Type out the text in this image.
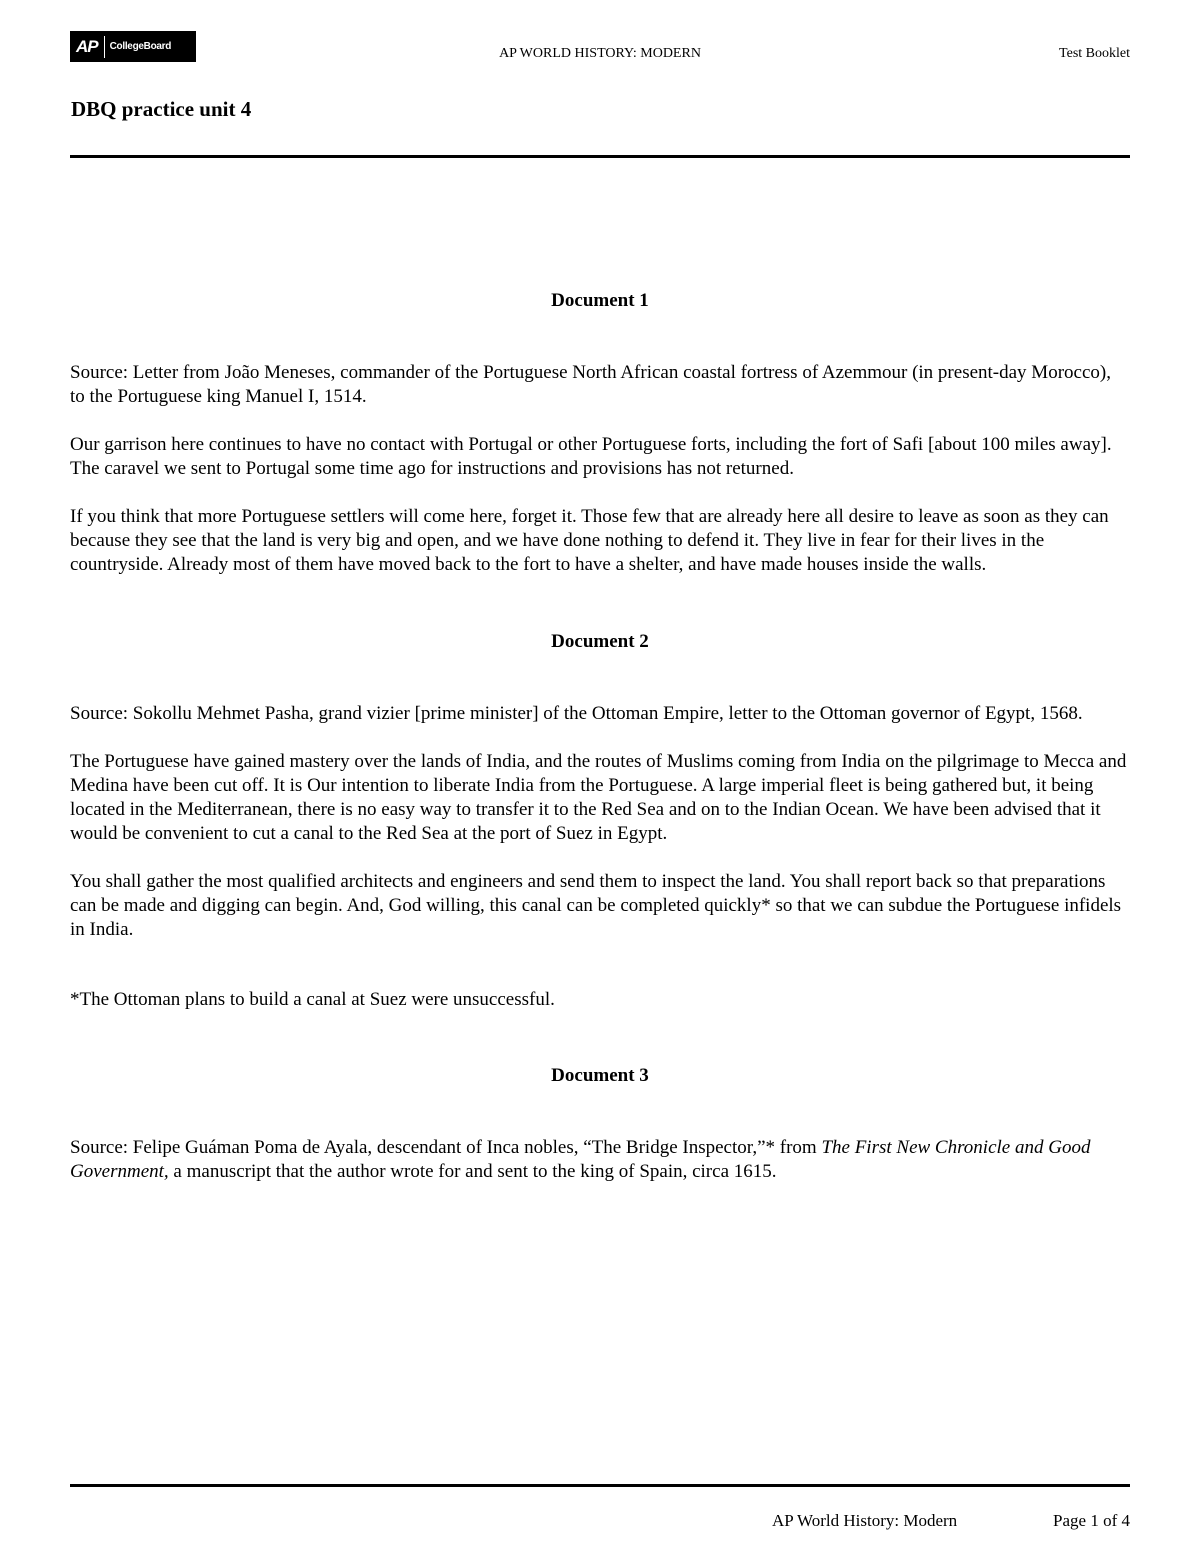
AP	CollegeBoard	AP WORLD HISTORY: MODERN	Test Booklet
DBQ practice unit 4

Document 1

Source: Letter from João Meneses, commander of the Portuguese North African coastal fortress of Azemmour (in present-day Morocco), to the Portuguese king Manuel I, 1514.

Our garrison here continues to have no contact with Portugal or other Portuguese forts, including the fort of Safi [about 100 miles away]. The caravel we sent to Portugal some time ago for instructions and provisions has not returned.

If you think that more Portuguese settlers will come here, forget it. Those few that are already here all desire to leave as soon as they can because they see that the land is very big and open, and we have done nothing to defend it. They live in fear for their lives in the countryside. Already most of them have moved back to the fort to have a shelter, and have made houses inside the walls.

Document 2

Source: Sokollu Mehmet Pasha, grand vizier [prime minister] of the Ottoman Empire, letter to the Ottoman governor of Egypt, 1568.

The Portuguese have gained mastery over the lands of India, and the routes of Muslims coming from India on the pilgrimage to Mecca and Medina have been cut off. It is Our intention to liberate India from the Portuguese. A large imperial fleet is being gathered but, it being located in the Mediterranean, there is no easy way to transfer it to the Red Sea and on to the Indian Ocean. We have been advised that it would be convenient to cut a canal to the Red Sea at the port of Suez in Egypt.

You shall gather the most qualified architects and engineers and send them to inspect the land. You shall report back so that preparations can be made and digging can begin. And, God willing, this canal can be completed quickly* so that we can subdue the Portuguese infidels in India.

*The Ottoman plans to build a canal at Suez were unsuccessful.

Document 3

Source: Felipe Guáman Poma de Ayala, descendant of Inca nobles, “The Bridge Inspector,”* from The First New Chronicle and Good Government, a manuscript that the author wrote for and sent to the king of Spain, circa 1615.

AP World History: Modern	Page 1 of 4
